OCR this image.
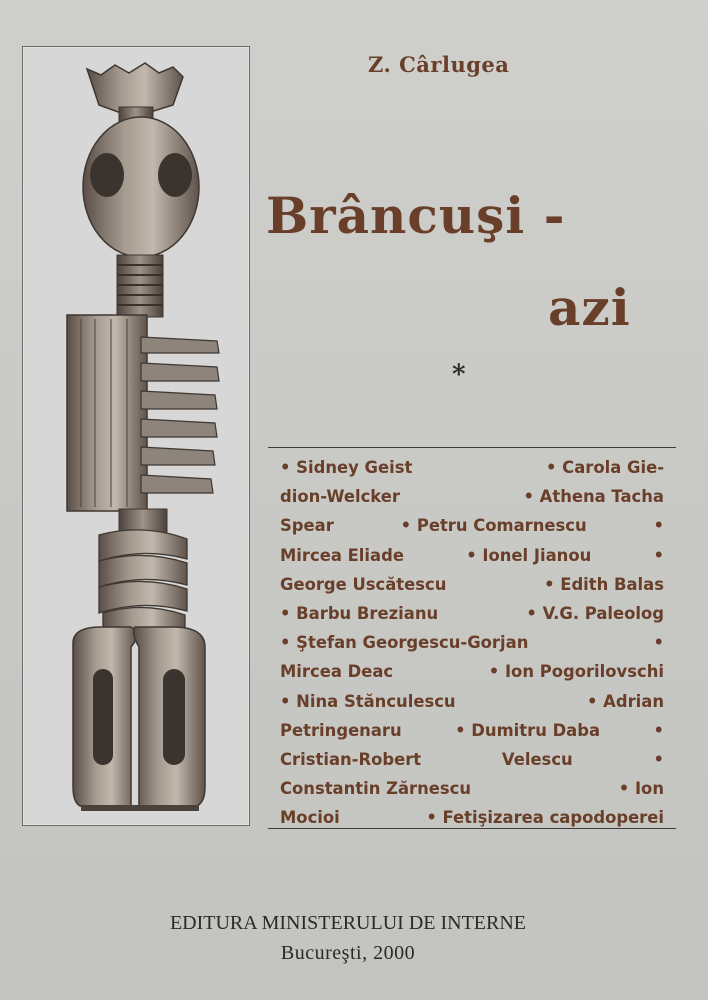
Z. Cârlugea
Brâncuşi -
azi
*
• Sidney Geist	• Carola Gie-
dion-Welcker	• Athena Tacha
Spear	• Petru Comarnescu	•
Mircea Eliade	• Ionel Jianou	•
George Uscătescu	• Edith Balas
• Barbu Brezianu	• V.G. Paleolog
• Ştefan Georgescu-Gorjan	•
Mircea Deac	• Ion Pogorilovschi
• Nina Stănculescu	• Adrian
Petringenaru	• Dumitru Daba	•
Cristian-Robert	Velescu	•
Constantin Zărnescu	• Ion
Mocioi	• Fetişizarea capodoperei
EDITURA MINISTERULUI DE INTERNE
Bucureşti, 2000
